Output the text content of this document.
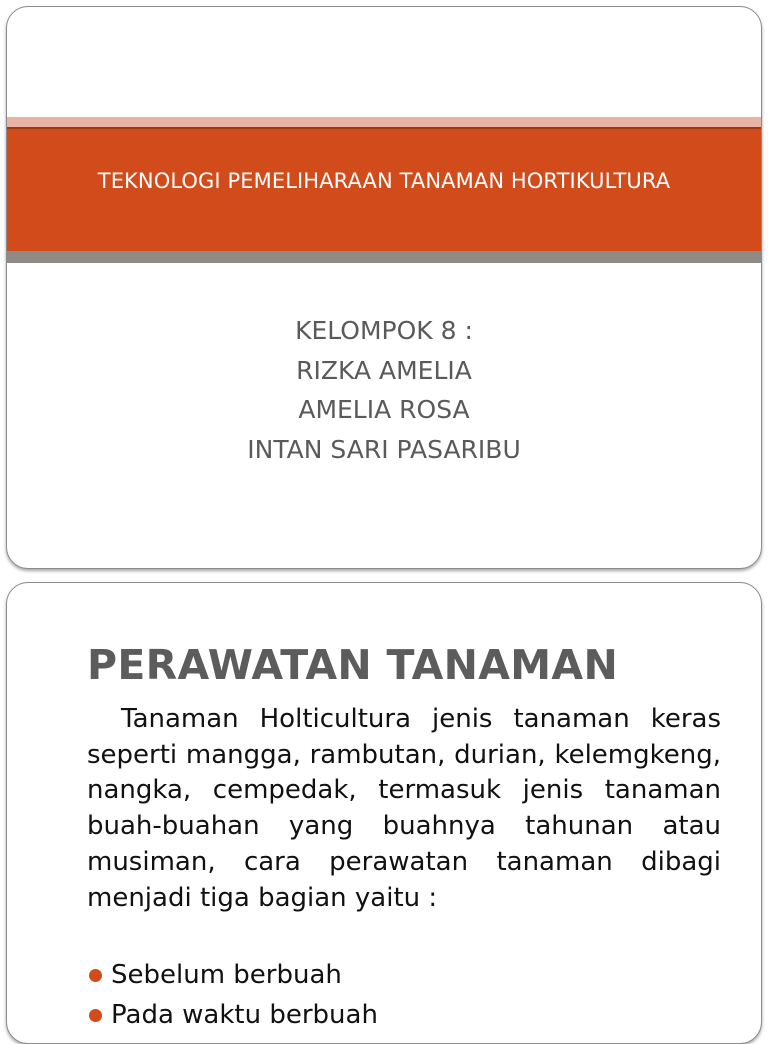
TEKNOLOGI PEMELIHARAAN TANAMAN HORTIKULTURA
KELOMPOK 8 :
RIZKA AMELIA
AMELIA ROSA
INTAN SARI PASARIBU
PERAWATAN TANAMAN

Tanaman Holticultura jenis tanaman keras seperti mangga, rambutan, durian, kelemgkeng, nangka, cempedak, termasuk jenis tanaman buah-buahan yang buahnya tahunan atau musiman, cara perawatan tanaman dibagi menjadi tiga bagian yaitu :

Sebelum berbuah
Pada waktu berbuah
